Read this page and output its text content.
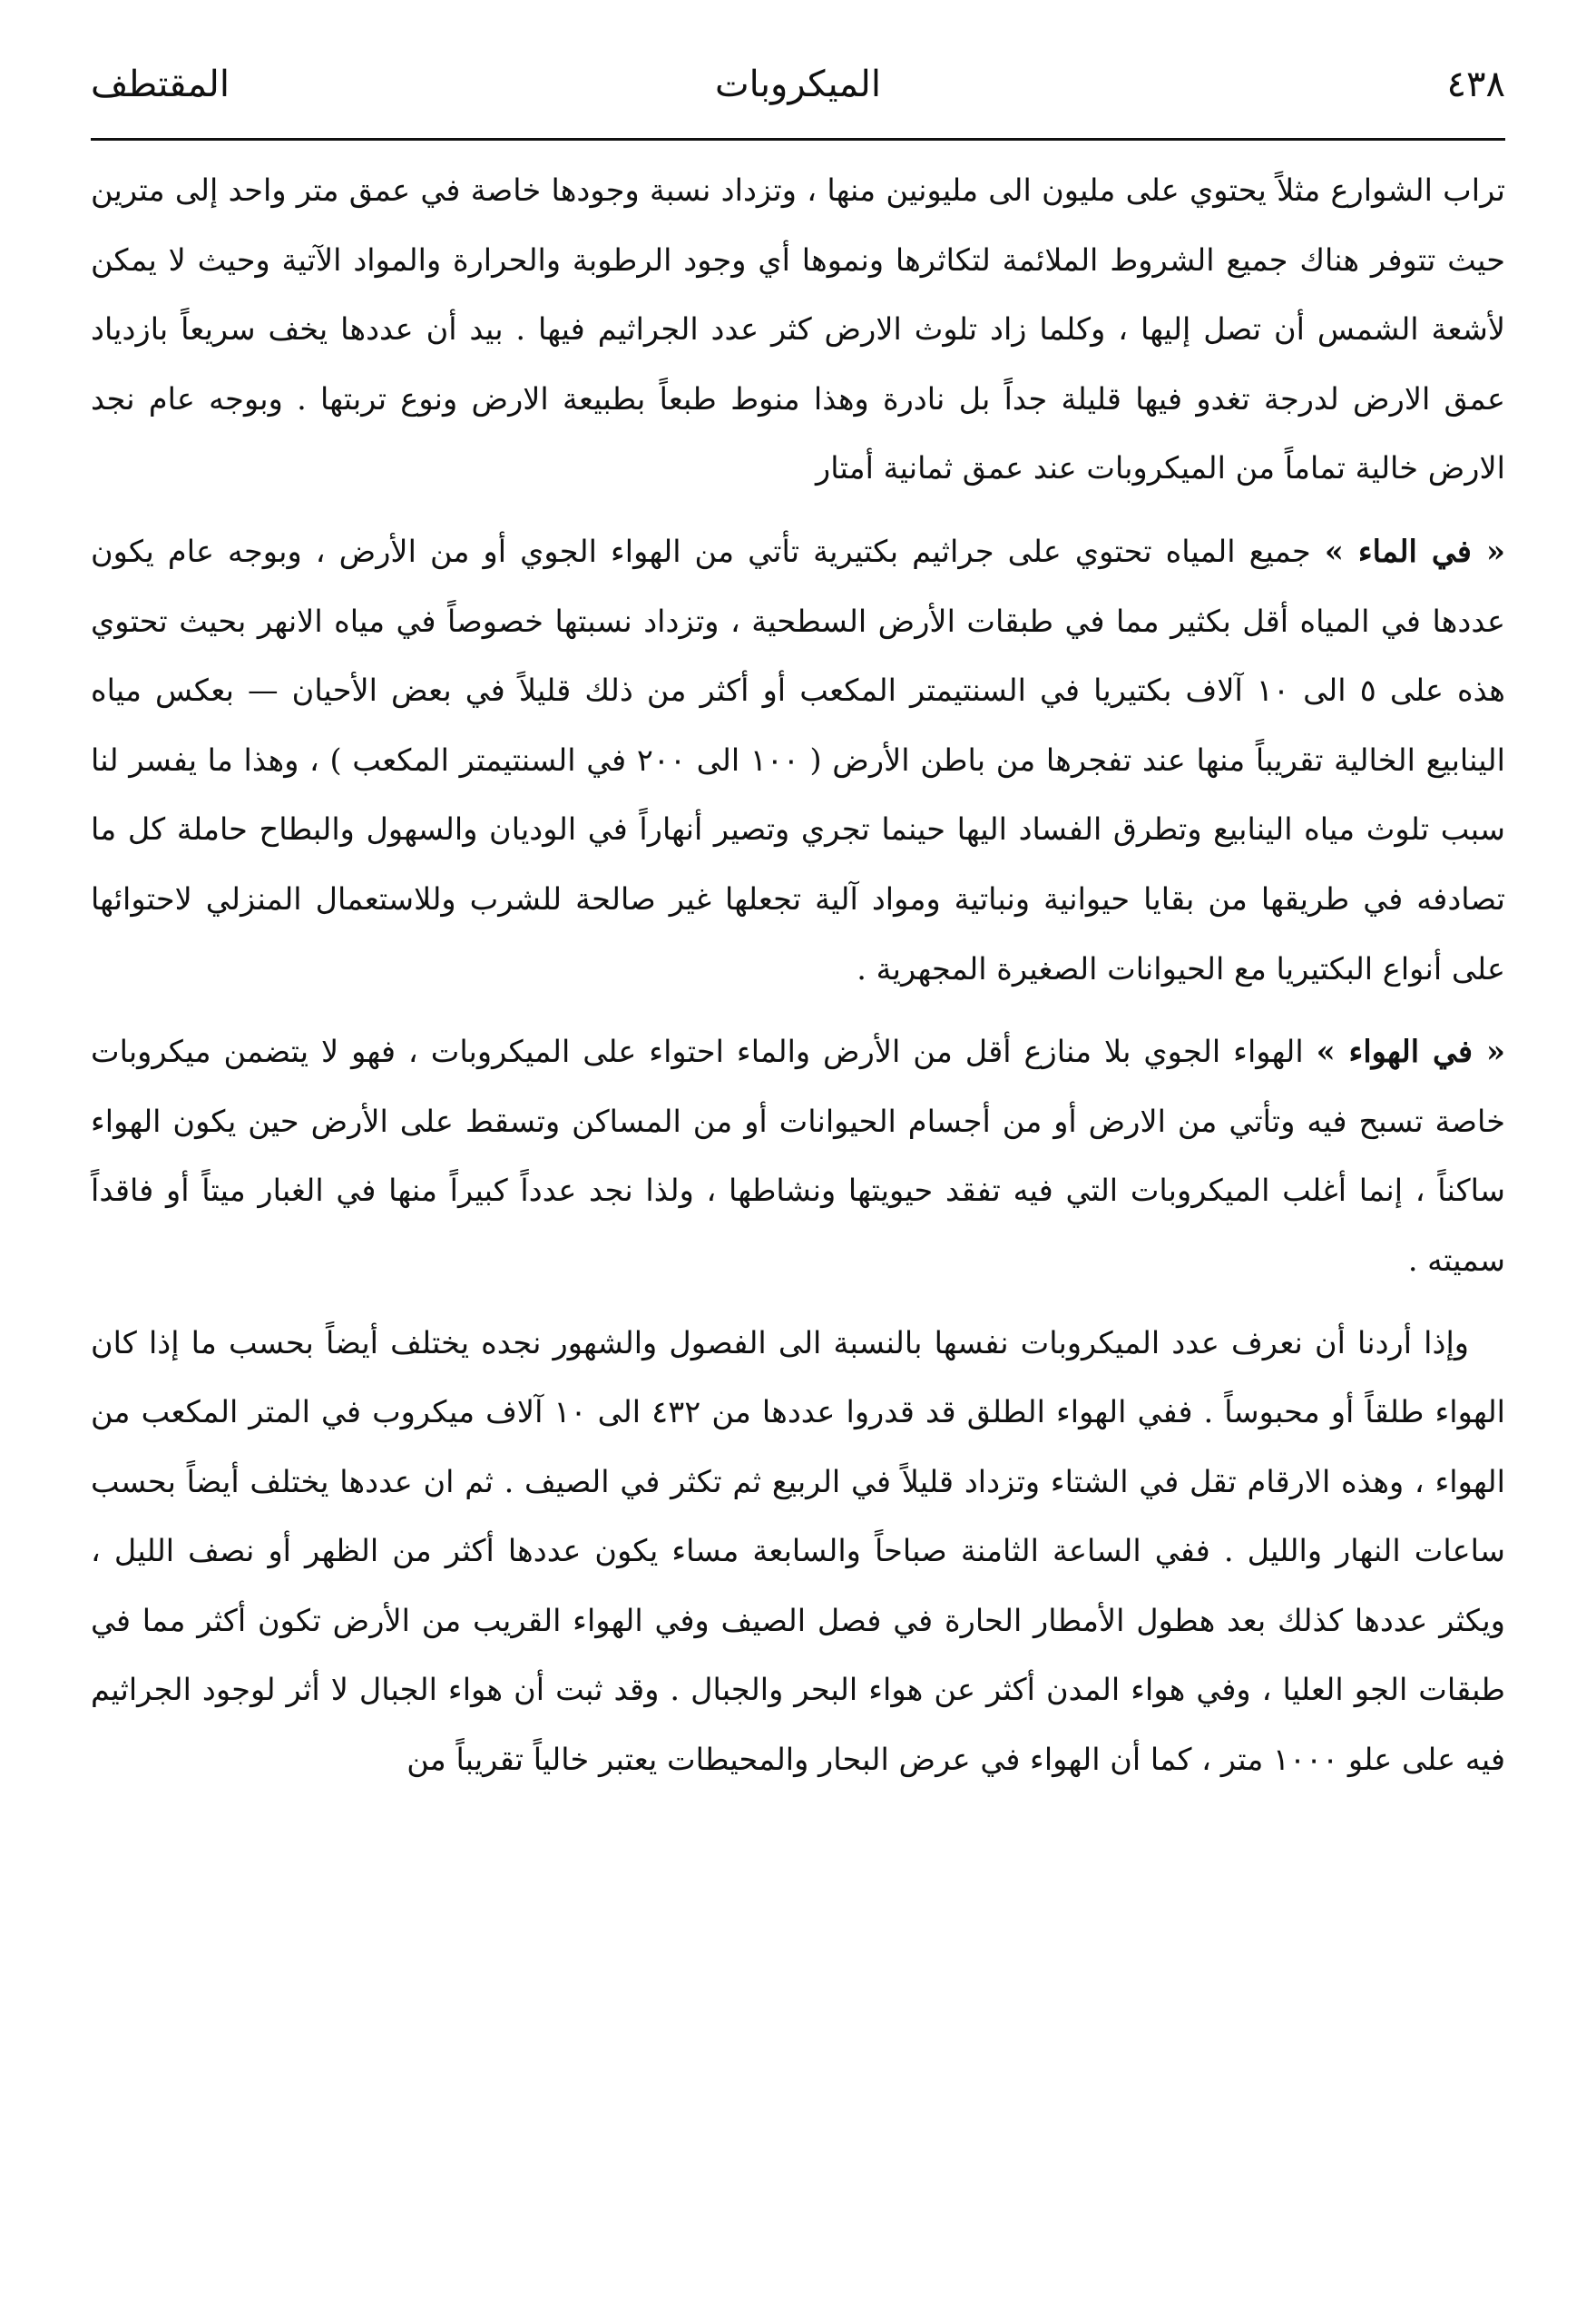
٤٣٨
الميكروبات
المقتطف

تراب الشوارع مثلاً يحتوي على مليون الى مليونين منها ، وتزداد نسبة وجودها خاصة في عمق متر واحد إلى مترين حيث تتوفر هناك جميع الشروط الملائمة لتكاثرها ونموها أي وجود الرطوبة والحرارة والمواد الآتية وحيث لا يمكن لأشعة الشمس أن تصل إليها ، وكلما زاد تلوث الارض كثر عدد الجراثيم فيها . بيد أن عددها يخف سريعاً بازدياد عمق الارض لدرجة تغدو فيها قليلة جداً بل نادرة وهذا منوط طبعاً بطبيعة الارض ونوع تربتها . وبوجه عام نجد الارض خالية تماماً من الميكروبات عند عمق ثمانية أمتار

« في الماء » جميع المياه تحتوي على جراثيم بكتيرية تأتي من الهواء الجوي أو من الأرض ، وبوجه عام يكون عددها في المياه أقل بكثير مما في طبقات الأرض السطحية ، وتزداد نسبتها خصوصاً في مياه الانهر بحيث تحتوي هذه على ٥ الى ١٠ آلاف بكتيريا في السنتيمتر المكعب أو أكثر من ذلك قليلاً في بعض الأحيان — بعكس مياه الينابيع الخالية تقريباً منها عند تفجرها من باطن الأرض ( ١٠٠ الى ٢٠٠ في السنتيمتر المكعب ) ، وهذا ما يفسر لنا سبب تلوث مياه الينابيع وتطرق الفساد اليها حينما تجري وتصير أنهاراً في الوديان والسهول والبطاح حاملة كل ما تصادفه في طريقها من بقايا حيوانية ونباتية ومواد آلية تجعلها غير صالحة للشرب وللاستعمال المنزلي لاحتوائها على أنواع البكتيريا مع الحيوانات الصغيرة المجهرية .

« في الهواء » الهواء الجوي بلا منازع أقل من الأرض والماء احتواء على الميكروبات ، فهو لا يتضمن ميكروبات خاصة تسبح فيه وتأتي من الارض أو من أجسام الحيوانات أو من المساكن وتسقط على الأرض حين يكون الهواء ساكناً ، إنما أغلب الميكروبات التي فيه تفقد حيويتها ونشاطها ، ولذا نجد عدداً كبيراً منها في الغبار ميتاً أو فاقداً سميته .

وإذا أردنا أن نعرف عدد الميكروبات نفسها بالنسبة الى الفصول والشهور نجده يختلف أيضاً بحسب ما إذا كان الهواء طلقاً أو محبوساً . ففي الهواء الطلق قد قدروا عددها من ٤٣٢ الى ١٠ آلاف ميكروب في المتر المكعب من الهواء ، وهذه الارقام تقل في الشتاء وتزداد قليلاً في الربيع ثم تكثر في الصيف . ثم ان عددها يختلف أيضاً بحسب ساعات النهار والليل . ففي الساعة الثامنة صباحاً والسابعة مساء يكون عددها أكثر من الظهر أو نصف الليل ، ويكثر عددها كذلك بعد هطول الأمطار الحارة في فصل الصيف وفي الهواء القريب من الأرض تكون أكثر مما في طبقات الجو العليا ، وفي هواء المدن أكثر عن هواء البحر والجبال . وقد ثبت أن هواء الجبال لا أثر لوجود الجراثيم فيه على علو ١٠٠٠ متر ، كما أن الهواء في عرض البحار والمحيطات يعتبر خالياً تقريباً من
